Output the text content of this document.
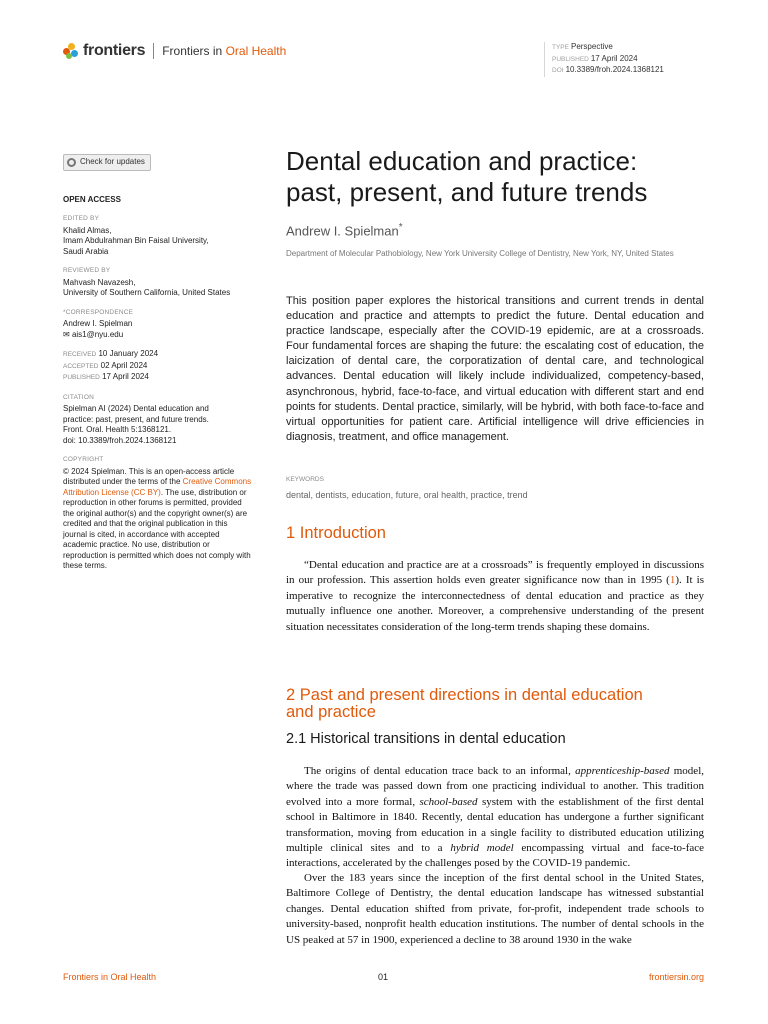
frontiers Frontiers in Oral Health	TYPE Perspective
PUBLISHED 17 April 2024
DOI 10.3389/froh.2024.1368121
Check for updates
OPEN ACCESS
EDITED BY
Khalid Almas,
Imam Abdulrahman Bin Faisal University,
Saudi Arabia
REVIEWED BY
Mahvash Navazesh,
University of Southern California, United States
*CORRESPONDENCE
Andrew I. Spielman
✉ ais1@nyu.edu
RECEIVED 10 January 2024
ACCEPTED 02 April 2024
PUBLISHED 17 April 2024
CITATION
Spielman AI (2024) Dental education and
practice: past, present, and future trends.
Front. Oral. Health 5:1368121.
doi: 10.3389/froh.2024.1368121
COPYRIGHT
© 2024 Spielman. This is an open-access article distributed under the terms of the Creative Commons Attribution License (CC BY). The use, distribution or reproduction in other forums is permitted, provided the original author(s) and the copyright owner(s) are credited and that the original publication in this journal is cited, in accordance with accepted academic practice. No use, distribution or reproduction is permitted which does not comply with these terms.
Dental education and practice:
past, present, and future trends
Andrew I. Spielman*
Department of Molecular Pathobiology, New York University College of Dentistry, New York, NY, United States

This position paper explores the historical transitions and current trends in dental education and practice and attempts to predict the future. Dental education and practice landscape, especially after the COVID-19 epidemic, are at a crossroads. Four fundamental forces are shaping the future: the escalating cost of education, the laicization of dental care, the corporatization of dental care, and technological advances. Dental education will likely include individualized, competency-based, asynchronous, hybrid, face-to-face, and virtual education with different start and end points for students. Dental practice, similarly, will be hybrid, with both face-to-face and virtual opportunities for patient care. Artificial intelligence will drive efficiencies in diagnosis, treatment, and office management.

KEYWORDS
dental, dentists, education, future, oral health, practice, trend
1 Introduction

“Dental education and practice are at a crossroads” is frequently employed in discussions in our profession. This assertion holds even greater significance now than in 1995 (1). It is imperative to recognize the interconnectedness of dental education and practice as they mutually influence one another. Moreover, a comprehensive understanding of the present situation necessitates consideration of the long-term trends shaping these domains.

2 Past and present directions in dental education
and practice
2.1 Historical transitions in dental education

The origins of dental education trace back to an informal, apprenticeship-based model, where the trade was passed down from one practicing individual to another. This tradition evolved into a more formal, school-based system with the establishment of the first dental school in Baltimore in 1840. Recently, dental education has undergone a further significant transformation, moving from education in a single facility to distributed education utilizing multiple clinical sites and to a hybrid model encompassing virtual and face-to-face interactions, accelerated by the challenges posed by the COVID-19 pandemic.

Over the 183 years since the inception of the first dental school in the United States, Baltimore College of Dentistry, the dental education landscape has witnessed substantial changes. Dental education shifted from private, for-profit, independent trade schools to university-based, nonprofit health education institutions. The number of dental schools in the US peaked at 57 in 1900, experienced a decline to 38 around 1930 in the wake

Frontiers in Oral Health	01	frontiersin.org
